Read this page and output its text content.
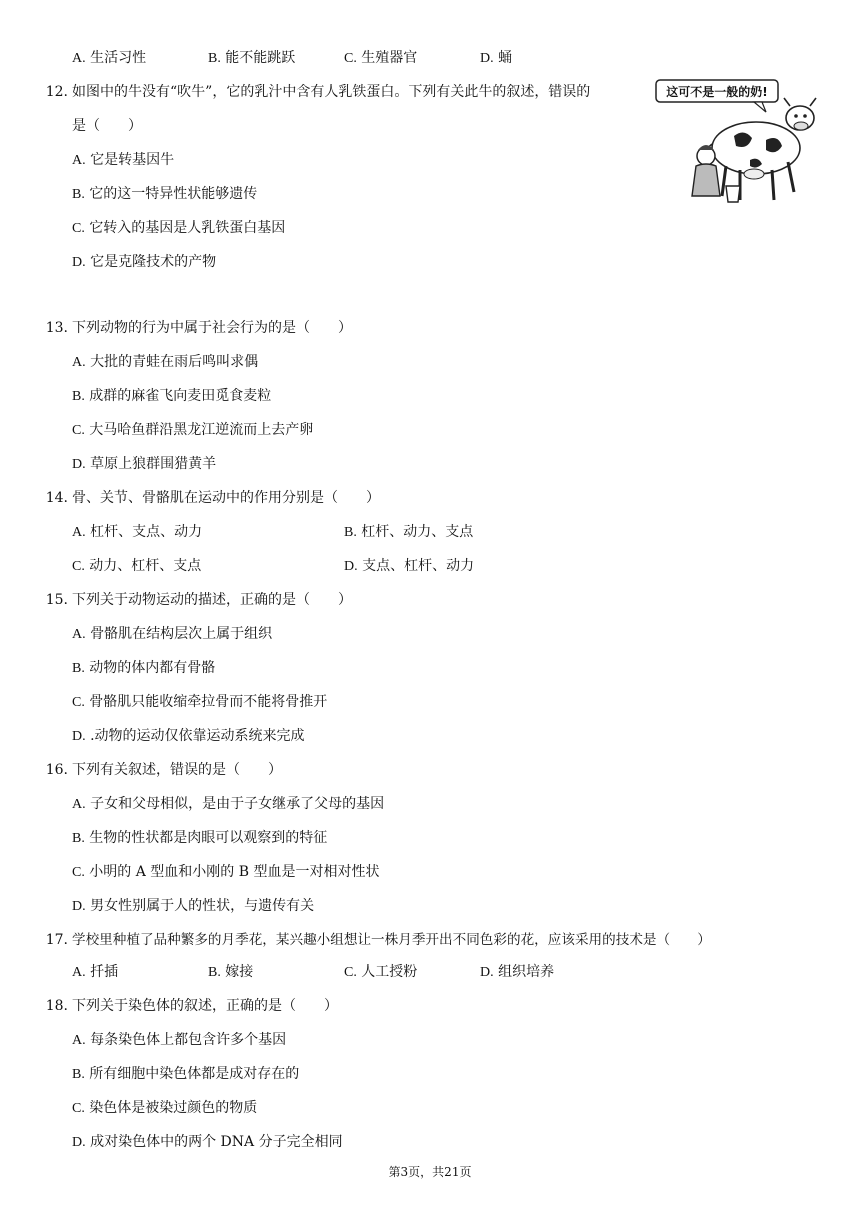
A. 生活习性	B. 能不能跳跃	C. 生殖器官	D. 蛹
12. 如图中的牛没有“吹牛”，它的乳汁中含有人乳铁蛋白。下列有关此牛的叙述，错误的
是（　　）
A. 它是转基因牛
B. 它的这一特异性状能够遗传
C. 它转入的基因是人乳铁蛋白基因
D. 它是克隆技术的产物
这可不是一般的奶!
13. 下列动物的行为中属于社会行为的是（　　）
A. 大批的青蛙在雨后鸣叫求偶
B. 成群的麻雀飞向麦田觅食麦粒
C. 大马哈鱼群沿黑龙江逆流而上去产卵
D. 草原上狼群围猎黄羊
14. 骨、关节、骨骼肌在运动中的作用分别是（　　）
A. 杠杆、支点、动力	B. 杠杆、动力、支点
C. 动力、杠杆、支点	D. 支点、杠杆、动力
15. 下列关于动物运动的描述，正确的是（　　）
A. 骨骼肌在结构层次上属于组织
B. 动物的体内都有骨骼
C. 骨骼肌只能收缩牵拉骨而不能将骨推开
D. .动物的运动仅依靠运动系统来完成
16. 下列有关叙述，错误的是（　　）
A. 子女和父母相似，是由于子女继承了父母的基因
B. 生物的性状都是肉眼可以观察到的特征
C. 小明的 A 型血和小刚的 B 型血是一对相对性状
D. 男女性别属于人的性状，与遗传有关
17. 学校里种植了品种繁多的月季花，某兴趣小组想让一株月季开出不同色彩的花，应该采用的技术是（　　）
A. 扦插	B. 嫁接	C. 人工授粉	D. 组织培养
18. 下列关于染色体的叙述，正确的是（　　）
A. 每条染色体上都包含许多个基因
B. 所有细胞中染色体都是成对存在的
C. 染色体是被染过颜色的物质
D. 成对染色体中的两个 DNA 分子完全相同
第3页，共21页
